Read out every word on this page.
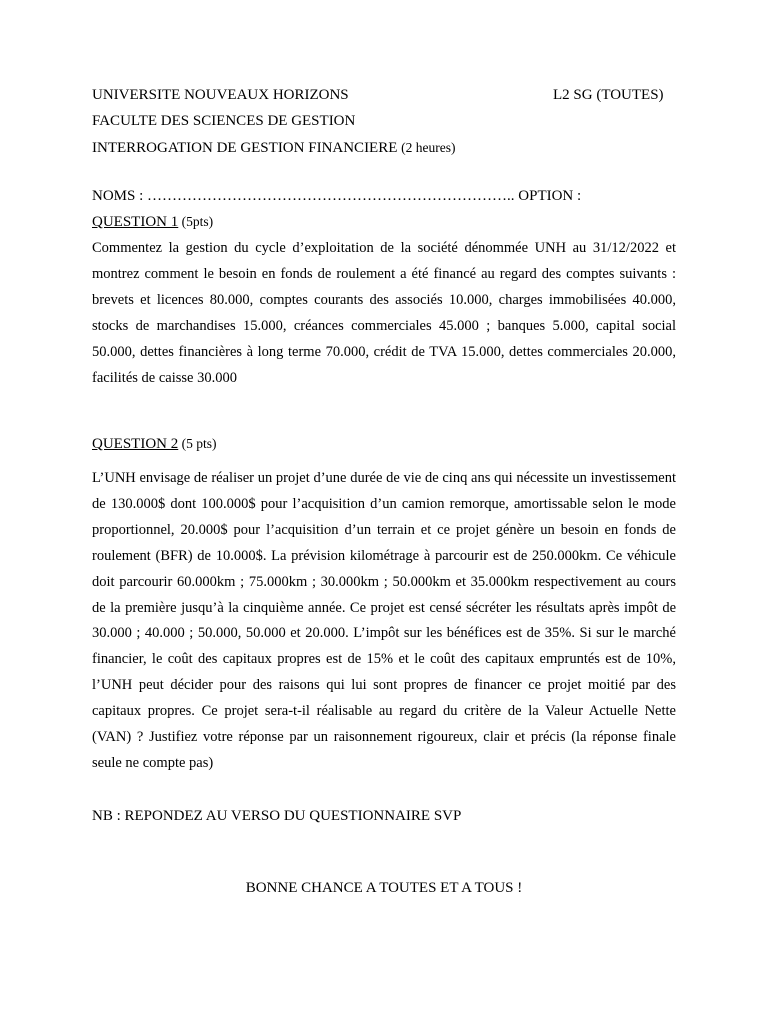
UNIVERSITE NOUVEAUX HORIZONS	L2 SG (TOUTES)
FACULTE DES SCIENCES DE GESTION
INTERROGATION DE GESTION FINANCIERE (2 heures)
NOMS : ……………………………………………………………….. OPTION :
QUESTION 1 (5pts)
Commentez la gestion du cycle d’exploitation de la société dénommée UNH au 31/12/2022 et montrez comment le besoin en fonds de roulement a été financé au regard des comptes suivants : brevets et licences 80.000, comptes courants des associés 10.000, charges immobilisées 40.000, stocks de marchandises 15.000, créances commerciales 45.000 ; banques 5.000, capital social 50.000, dettes financières à long terme 70.000, crédit de TVA 15.000, dettes commerciales 20.000, facilités de caisse 30.000
QUESTION 2 (5 pts)
L’UNH envisage de réaliser un projet d’une durée de vie de cinq ans qui nécessite un investissement de 130.000$ dont 100.000$ pour l’acquisition d’un camion remorque, amortissable selon le mode proportionnel, 20.000$ pour l’acquisition d’un terrain et ce projet génère un besoin en fonds de roulement (BFR) de 10.000$. La prévision kilométrage à parcourir est de 250.000km. Ce véhicule doit parcourir 60.000km ; 75.000km ; 30.000km ; 50.000km et 35.000km respectivement au cours de la première jusqu’à la cinquième année. Ce projet est censé sécréter les résultats après impôt de 30.000 ; 40.000 ; 50.000, 50.000 et 20.000. L’impôt sur les bénéfices est de 35%. Si sur le marché financier, le coût des capitaux propres est de 15% et le coût des capitaux empruntés est de 10%, l’UNH peut décider pour des raisons qui lui sont propres de financer ce projet moitié par des capitaux propres. Ce projet sera-t-il réalisable au regard du critère de la Valeur Actuelle Nette (VAN) ? Justifiez votre réponse par un raisonnement rigoureux, clair et précis (la réponse finale seule ne compte pas)
NB : REPONDEZ AU VERSO DU QUESTIONNAIRE SVP
BONNE CHANCE A TOUTES ET A TOUS !
